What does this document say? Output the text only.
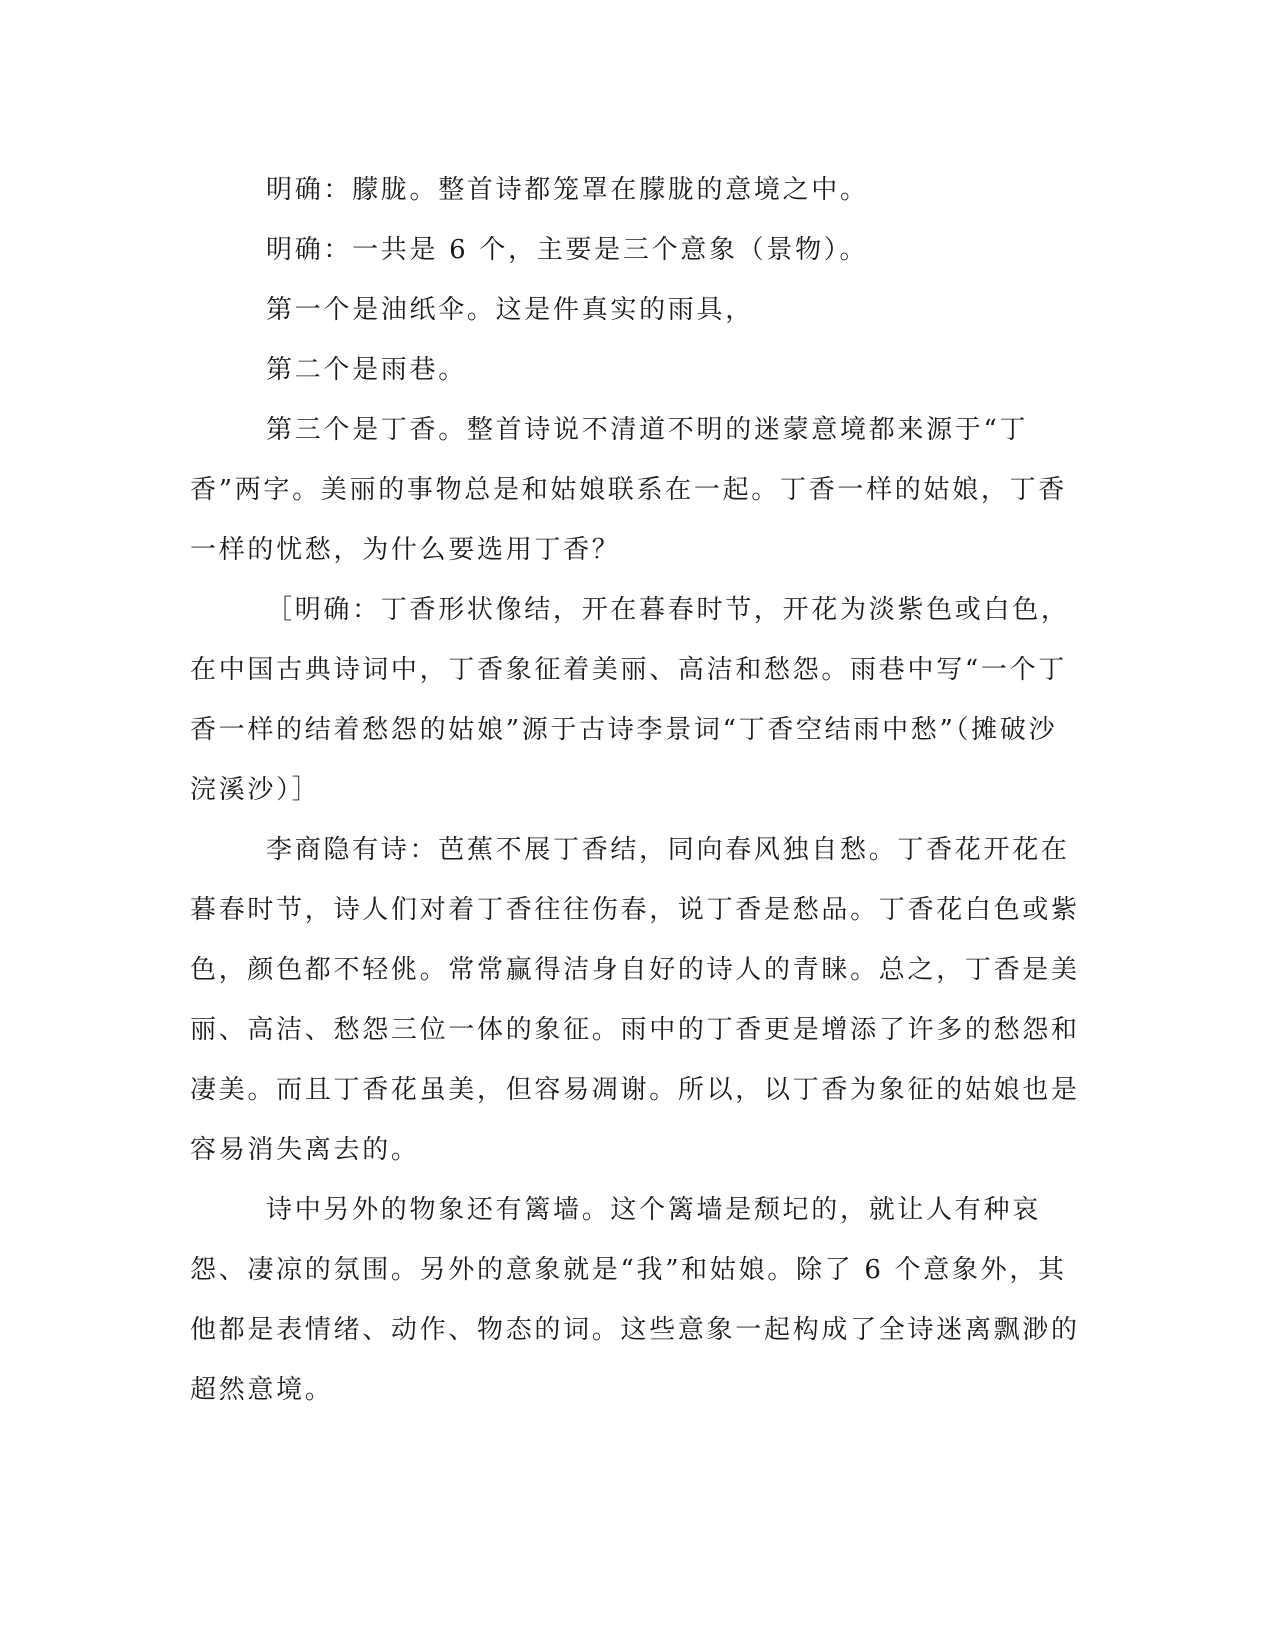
明确：朦胧。整首诗都笼罩在朦胧的意境之中。

明确：一共是 6 个，主要是三个意象（景物）。

第一个是油纸伞。这是件真实的雨具，

第二个是雨巷。

第三个是丁香。整首诗说不清道不明的迷蒙意境都来源于“丁香”两字。美丽的事物总是和姑娘联系在一起。丁香一样的姑娘，丁香一样的忧愁，为什么要选用丁香？

［明确：丁香形状像结，开在暮春时节，开花为淡紫色或白色，在中国古典诗词中，丁香象征着美丽、高洁和愁怨。雨巷中写“一个丁香一样的结着愁怨的姑娘”源于古诗李景词“丁香空结雨中愁”（摊破沙浣溪沙）］

李商隐有诗：芭蕉不展丁香结，同向春风独自愁。丁香花开花在暮春时节，诗人们对着丁香往往伤春，说丁香是愁品。丁香花白色或紫色，颜色都不轻佻。常常赢得洁身自好的诗人的青睐。总之，丁香是美丽、高洁、愁怨三位一体的象征。雨中的丁香更是增添了许多的愁怨和凄美。而且丁香花虽美，但容易凋谢。所以，以丁香为象征的姑娘也是容易消失离去的。

诗中另外的物象还有篱墙。这个篱墙是颓圮的，就让人有种哀怨、凄凉的氛围。另外的意象就是“我”和姑娘。除了 6 个意象外，其他都是表情绪、动作、物态的词。这些意象一起构成了全诗迷离飘渺的超然意境。
